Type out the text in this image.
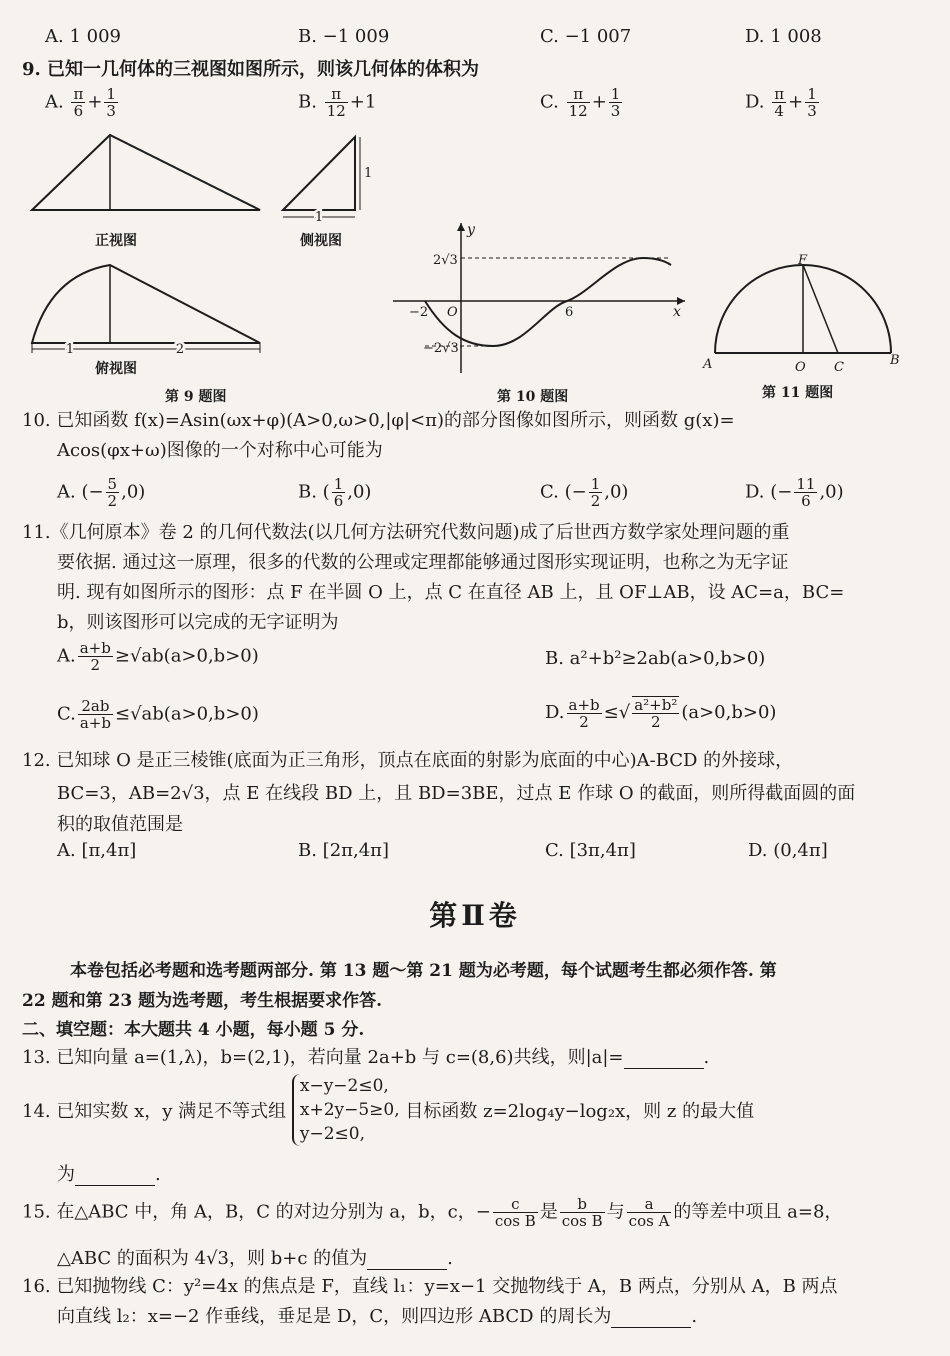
A. 1 009	B. −1 009	C. −1 007	D. 1 008
9. 已知一几何体的三视图如图所示，则该几何体的体积为
A. $\frac{\pi}{6} + \frac{1}{3}$	B. $\frac{\pi}{12} +1$	C. $\frac{\pi}{12} + \frac{1}{3}$	D. $\frac{\pi}{4} + \frac{1}{3}$
1	2
正视图
俯视图
1
1
侧视图
第 9 题图
y
x
2√3
−2√3
−2 O	6
第 10 题图
F
A	O C	B
第 11 题图
10. 已知函数 f(x)=Asin(ωx+φ)(A>0,ω>0,|φ|<π)的部分图像如图所示，则函数 g(x)=
Acos(φx+ω)图像的一个对称中心可能为
A. (− $\frac{5}{2} ,0$)	B. ( $\frac{1}{6} ,0$)	C. (− $\frac{1}{2} ,0$)	D. (− $\frac{11}{6} ,0$)
11.《几何原本》卷 2 的几何代数法(以几何方法研究代数问题)成了后世西方数学家处理问题的重
要依据. 通过这一原理，很多的代数的公理或定理都能够通过图形实现证明，也称之为无字证
明. 现有如图所示的图形：点 F 在半圆 O 上，点 C 在直径 AB 上，且 OF⊥AB，设 AC=a，BC=
b，则该图形可以完成的无字证明为
A. $\frac{a+b}{2} \ge√ab(a>0,b>0)$	B. a²+b²≥2ab(a>0,b>0)
C. $\frac{2ab}{a+b} \le√ab(a>0,b>0)$	D. $\frac{a+b}{2}$ ≤√ $\frac{\text{a²+b²}}{2} (a>0,b>0)$
12. 已知球 O 是正三棱锥(底面为正三角形，顶点在底面的射影为底面的中心)A-BCD 的外接球，
BC=3，AB=2√3，点 E 在线段 BD 上，且 BD=3BE，过点 E 作球 O 的截面，则所得截面圆的面
积的取值范围是
A. [π,4π]	B. [2π,4π]	C. [3π,4π]	D. (0,4π]
第Ⅱ卷
本卷包括必考题和选考题两部分. 第 13 题～第 21 题为必考题，每个试题考生都必须作答. 第
22 题和第 23 题为选考题，考生根据要求作答.
二、填空题：本大题共 4 小题，每小题 5 分.
13. 已知向量 a=(1,λ)，b=(2,1)，若向量 2a+b 与 c=(8,6)共线，则|a|=	.
14. 已知实数 x，y 满足不等式组
x−y−2≤0,
x+2y−5≥0,
y−2≤0,
目标函数 z=2log₄y−log₂x，则 z 的最大值
为	.
15. 在△ABC 中，角 A，B，C 的对边分别为 a，b，c，− $\frac{c}{\text{cos B}}$ 是 $\frac{b}{\text{cos B}}$ 与 $\frac{a}{\text{cos A}}$ 的等差中项且 a=8，
△ABC 的面积为 4√3，则 b+c 的值为	.
16. 已知抛物线 C：y²=4x 的焦点是 F，直线 l₁：y=x−1 交抛物线于 A，B 两点，分别从 A，B 两点
向直线 l₂：x=−2 作垂线，垂足是 D，C，则四边形 ABCD 的周长为	.
